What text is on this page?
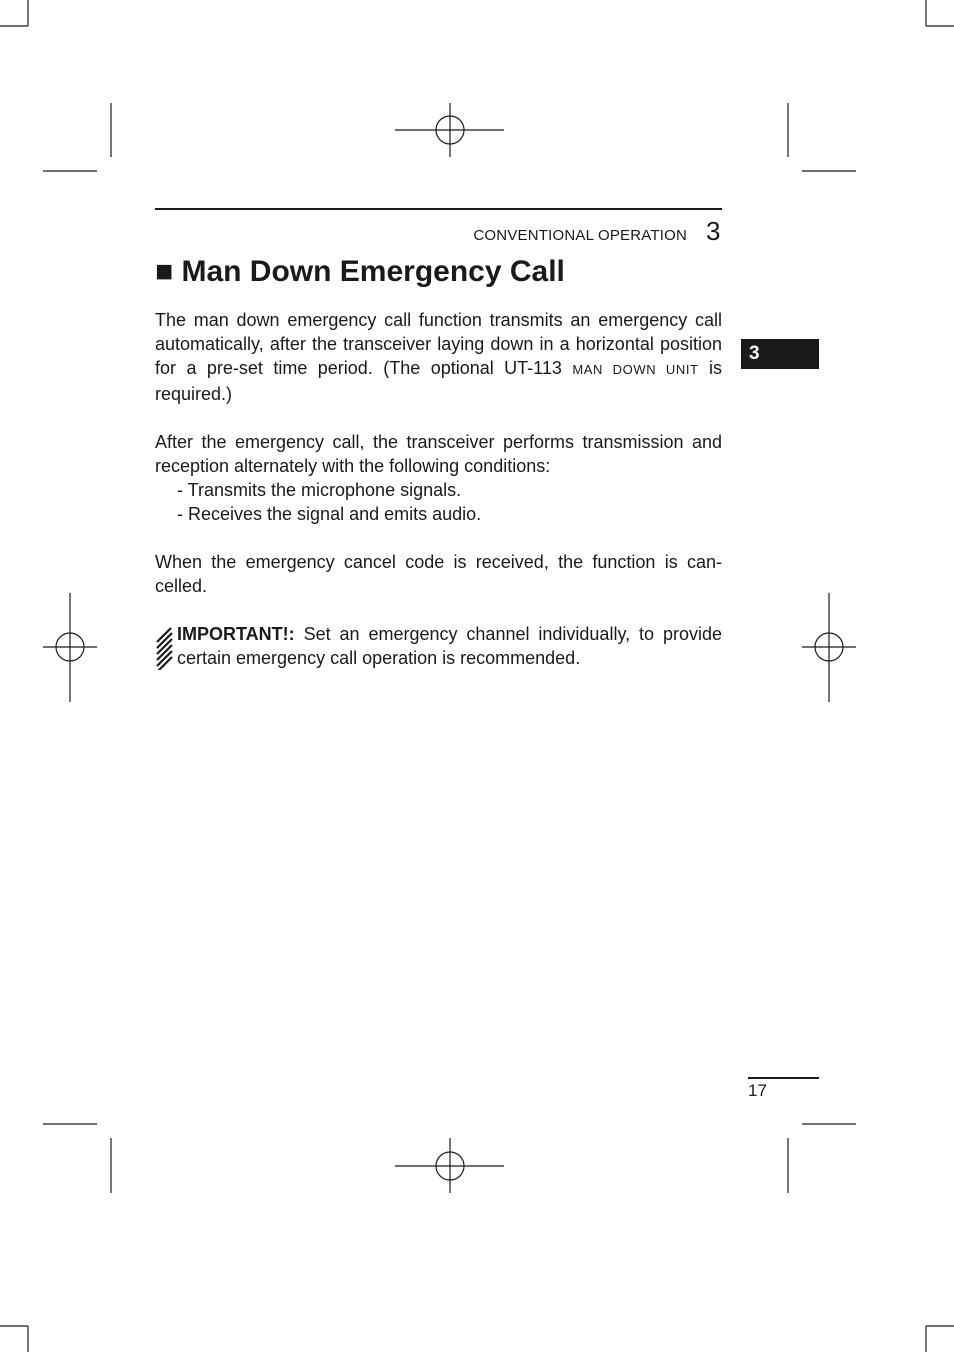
CONVENTIONAL OPERATION 3
■ Man Down Emergency Call

The man down emergency call function transmits an emergency call automatically, after the transceiver laying down in a horizontal position for a pre-set time period. (The optional UT-113 MAN DOWN UNIT is required.)

After the emergency call, the transceiver performs transmission and reception alternately with the following conditions:

- Transmits the microphone signals.
- Receives the signal and emits audio.

When the emergency cancel code is received, the function is can-celled.

IMPORTANT!: Set an emergency channel individually, to provide certain emergency call operation is recommended.
3
17
